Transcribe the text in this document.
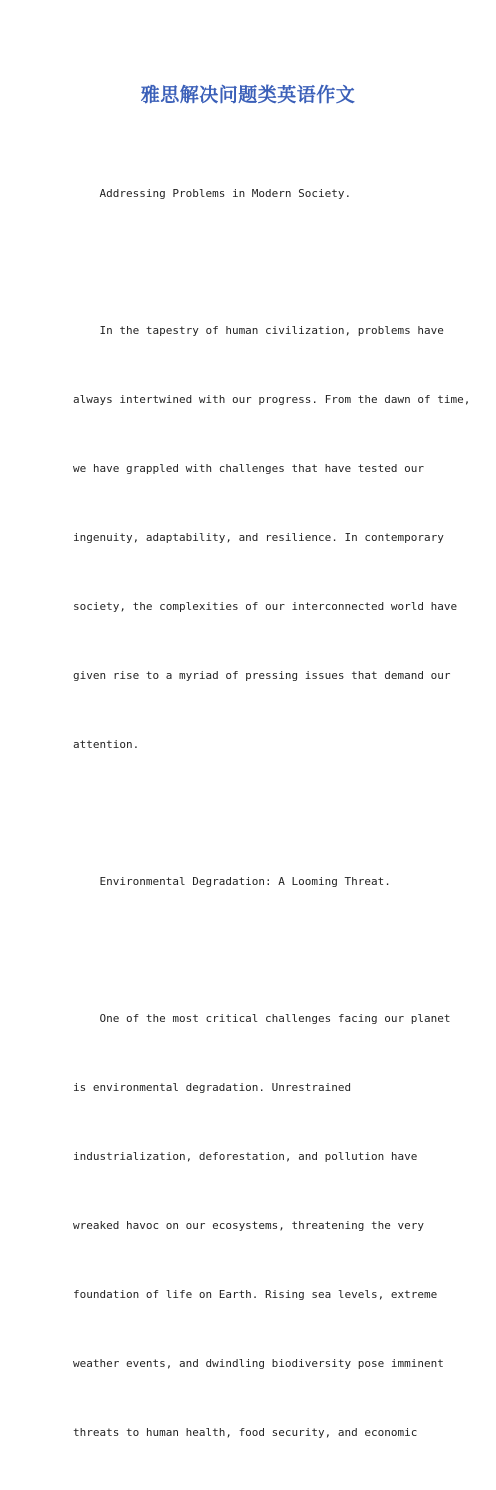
雅思解决问题类英语作文

Addressing Problems in Modern Society.

In the tapestry of human civilization, problems have

always intertwined with our progress. From the dawn of time,

we have grappled with challenges that have tested our

ingenuity, adaptability, and resilience. In contemporary

society, the complexities of our interconnected world have

given rise to a myriad of pressing issues that demand our

attention.

Environmental Degradation: A Looming Threat.

One of the most critical challenges facing our planet

is environmental degradation. Unrestrained

industrialization, deforestation, and pollution have

wreaked havoc on our ecosystems, threatening the very

foundation of life on Earth. Rising sea levels, extreme

weather events, and dwindling biodiversity pose imminent

threats to human health, food security, and economic
